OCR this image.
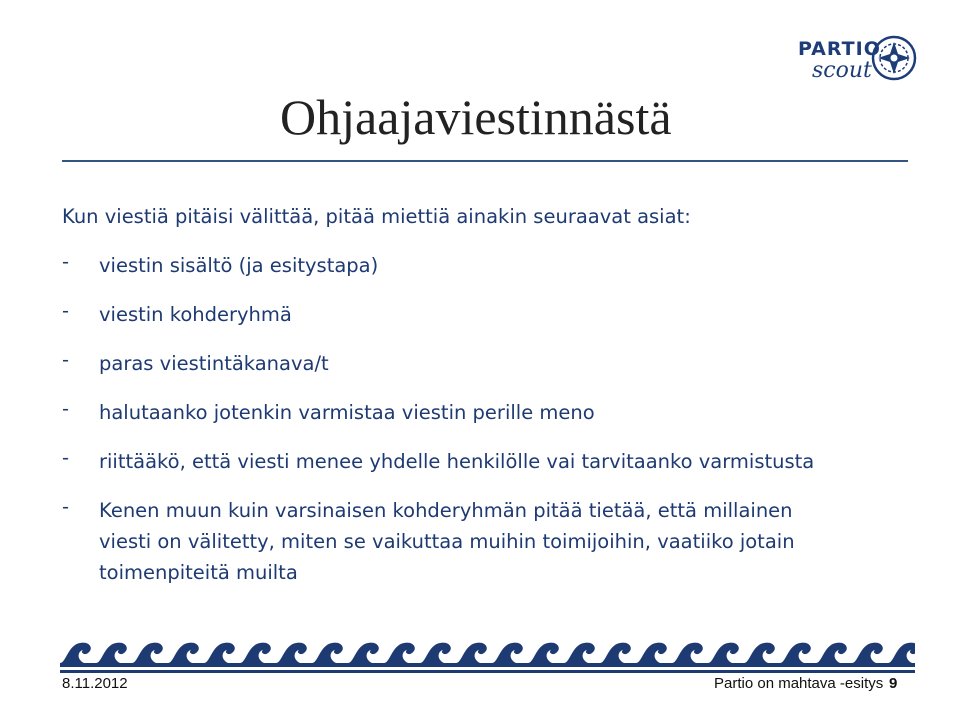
PARTIO
scout
Ohjaajaviestinnästä
Kun viestiä pitäisi välittää, pitää miettiä ainakin seuraavat asiat:
- viestin sisältö (ja esitystapa)
- viestin kohderyhmä
- paras viestintäkanava/t
- halutaanko jotenkin varmistaa viestin perille meno
- riittääkö, että viesti menee yhdelle henkilölle vai tarvitaanko varmistusta
- Kenen muun kuin varsinaisen kohderyhmän pitää tietää, että millainen
viesti on välitetty, miten se vaikuttaa muihin toimijoihin, vaatiiko jotain
toimenpiteitä muilta
8.11.2012	Partio on mahtava -esitys 9
